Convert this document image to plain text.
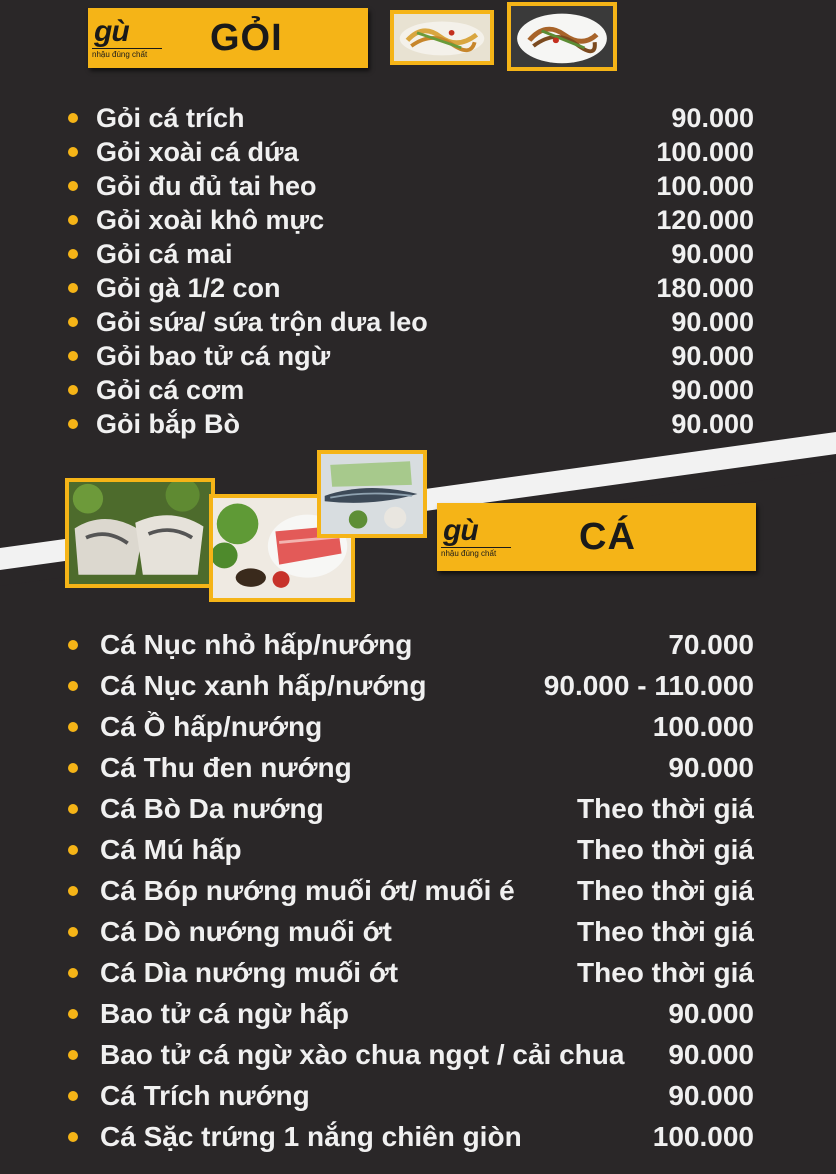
gù
nhậu đúng chất	GỎI
Gỏi cá trích	90.000
Gỏi xoài cá dứa	100.000
Gỏi đu đủ tai heo	100.000
Gỏi xoài khô mực	120.000
Gỏi cá mai	90.000
Gỏi gà 1/2 con	180.000
Gỏi sứa/ sứa trộn dưa leo	90.000
Gỏi bao tử cá ngừ	90.000
Gỏi cá cơm	90.000
Gỏi bắp Bò	90.000
gù
nhậu đúng chất	CÁ
Cá Nục nhỏ hấp/nướng	70.000
Cá Nục xanh hấp/nướng	90.000 - 110.000
Cá Ồ hấp/nướng	100.000
Cá Thu đen nướng	90.000
Cá Bò Da nướng	Theo thời giá
Cá Mú hấp	Theo thời giá
Cá Bóp nướng muối ớt/ muối é	Theo thời giá
Cá Dò nướng muối ớt	Theo thời giá
Cá Dìa nướng muối ớt	Theo thời giá
Bao tử cá ngừ hấp	90.000
Bao tử cá ngừ xào chua ngọt / cải chua	90.000
Cá Trích nướng	90.000
Cá Sặc trứng 1 nắng chiên giòn	100.000
